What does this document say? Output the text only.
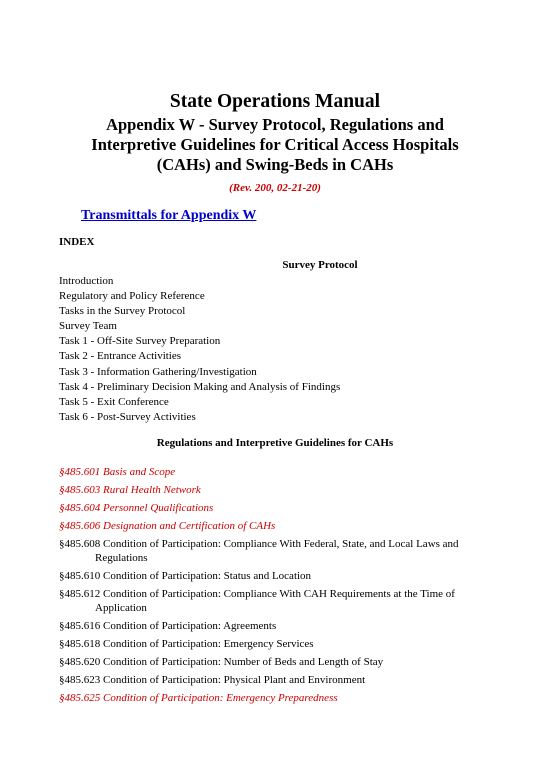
State Operations Manual
Appendix W - Survey Protocol, Regulations and
Interpretive Guidelines for Critical Access Hospitals
(CAHs) and Swing-Beds in CAHs
(Rev. 200, 02-21-20)
Transmittals for Appendix W
INDEX
Survey Protocol
Introduction
Regulatory and Policy Reference
Tasks in the Survey Protocol
Survey Team
Task 1 - Off-Site Survey Preparation
Task 2 - Entrance Activities
Task 3 - Information Gathering/Investigation
Task 4 - Preliminary Decision Making and Analysis of Findings
Task 5 - Exit Conference
Task 6 - Post-Survey Activities
Regulations and Interpretive Guidelines for CAHs
§485.601 Basis and Scope
§485.603 Rural Health Network
§485.604 Personnel Qualifications
§485.606 Designation and Certification of CAHs
§485.608 Condition of Participation: Compliance With Federal, State, and Local Laws and
Regulations
§485.610 Condition of Participation: Status and Location
§485.612 Condition of Participation: Compliance With CAH Requirements at the Time of
Application
§485.616 Condition of Participation: Agreements
§485.618 Condition of Participation: Emergency Services
§485.620 Condition of Participation: Number of Beds and Length of Stay
§485.623 Condition of Participation: Physical Plant and Environment
§485.625 Condition of Participation: Emergency Preparedness
